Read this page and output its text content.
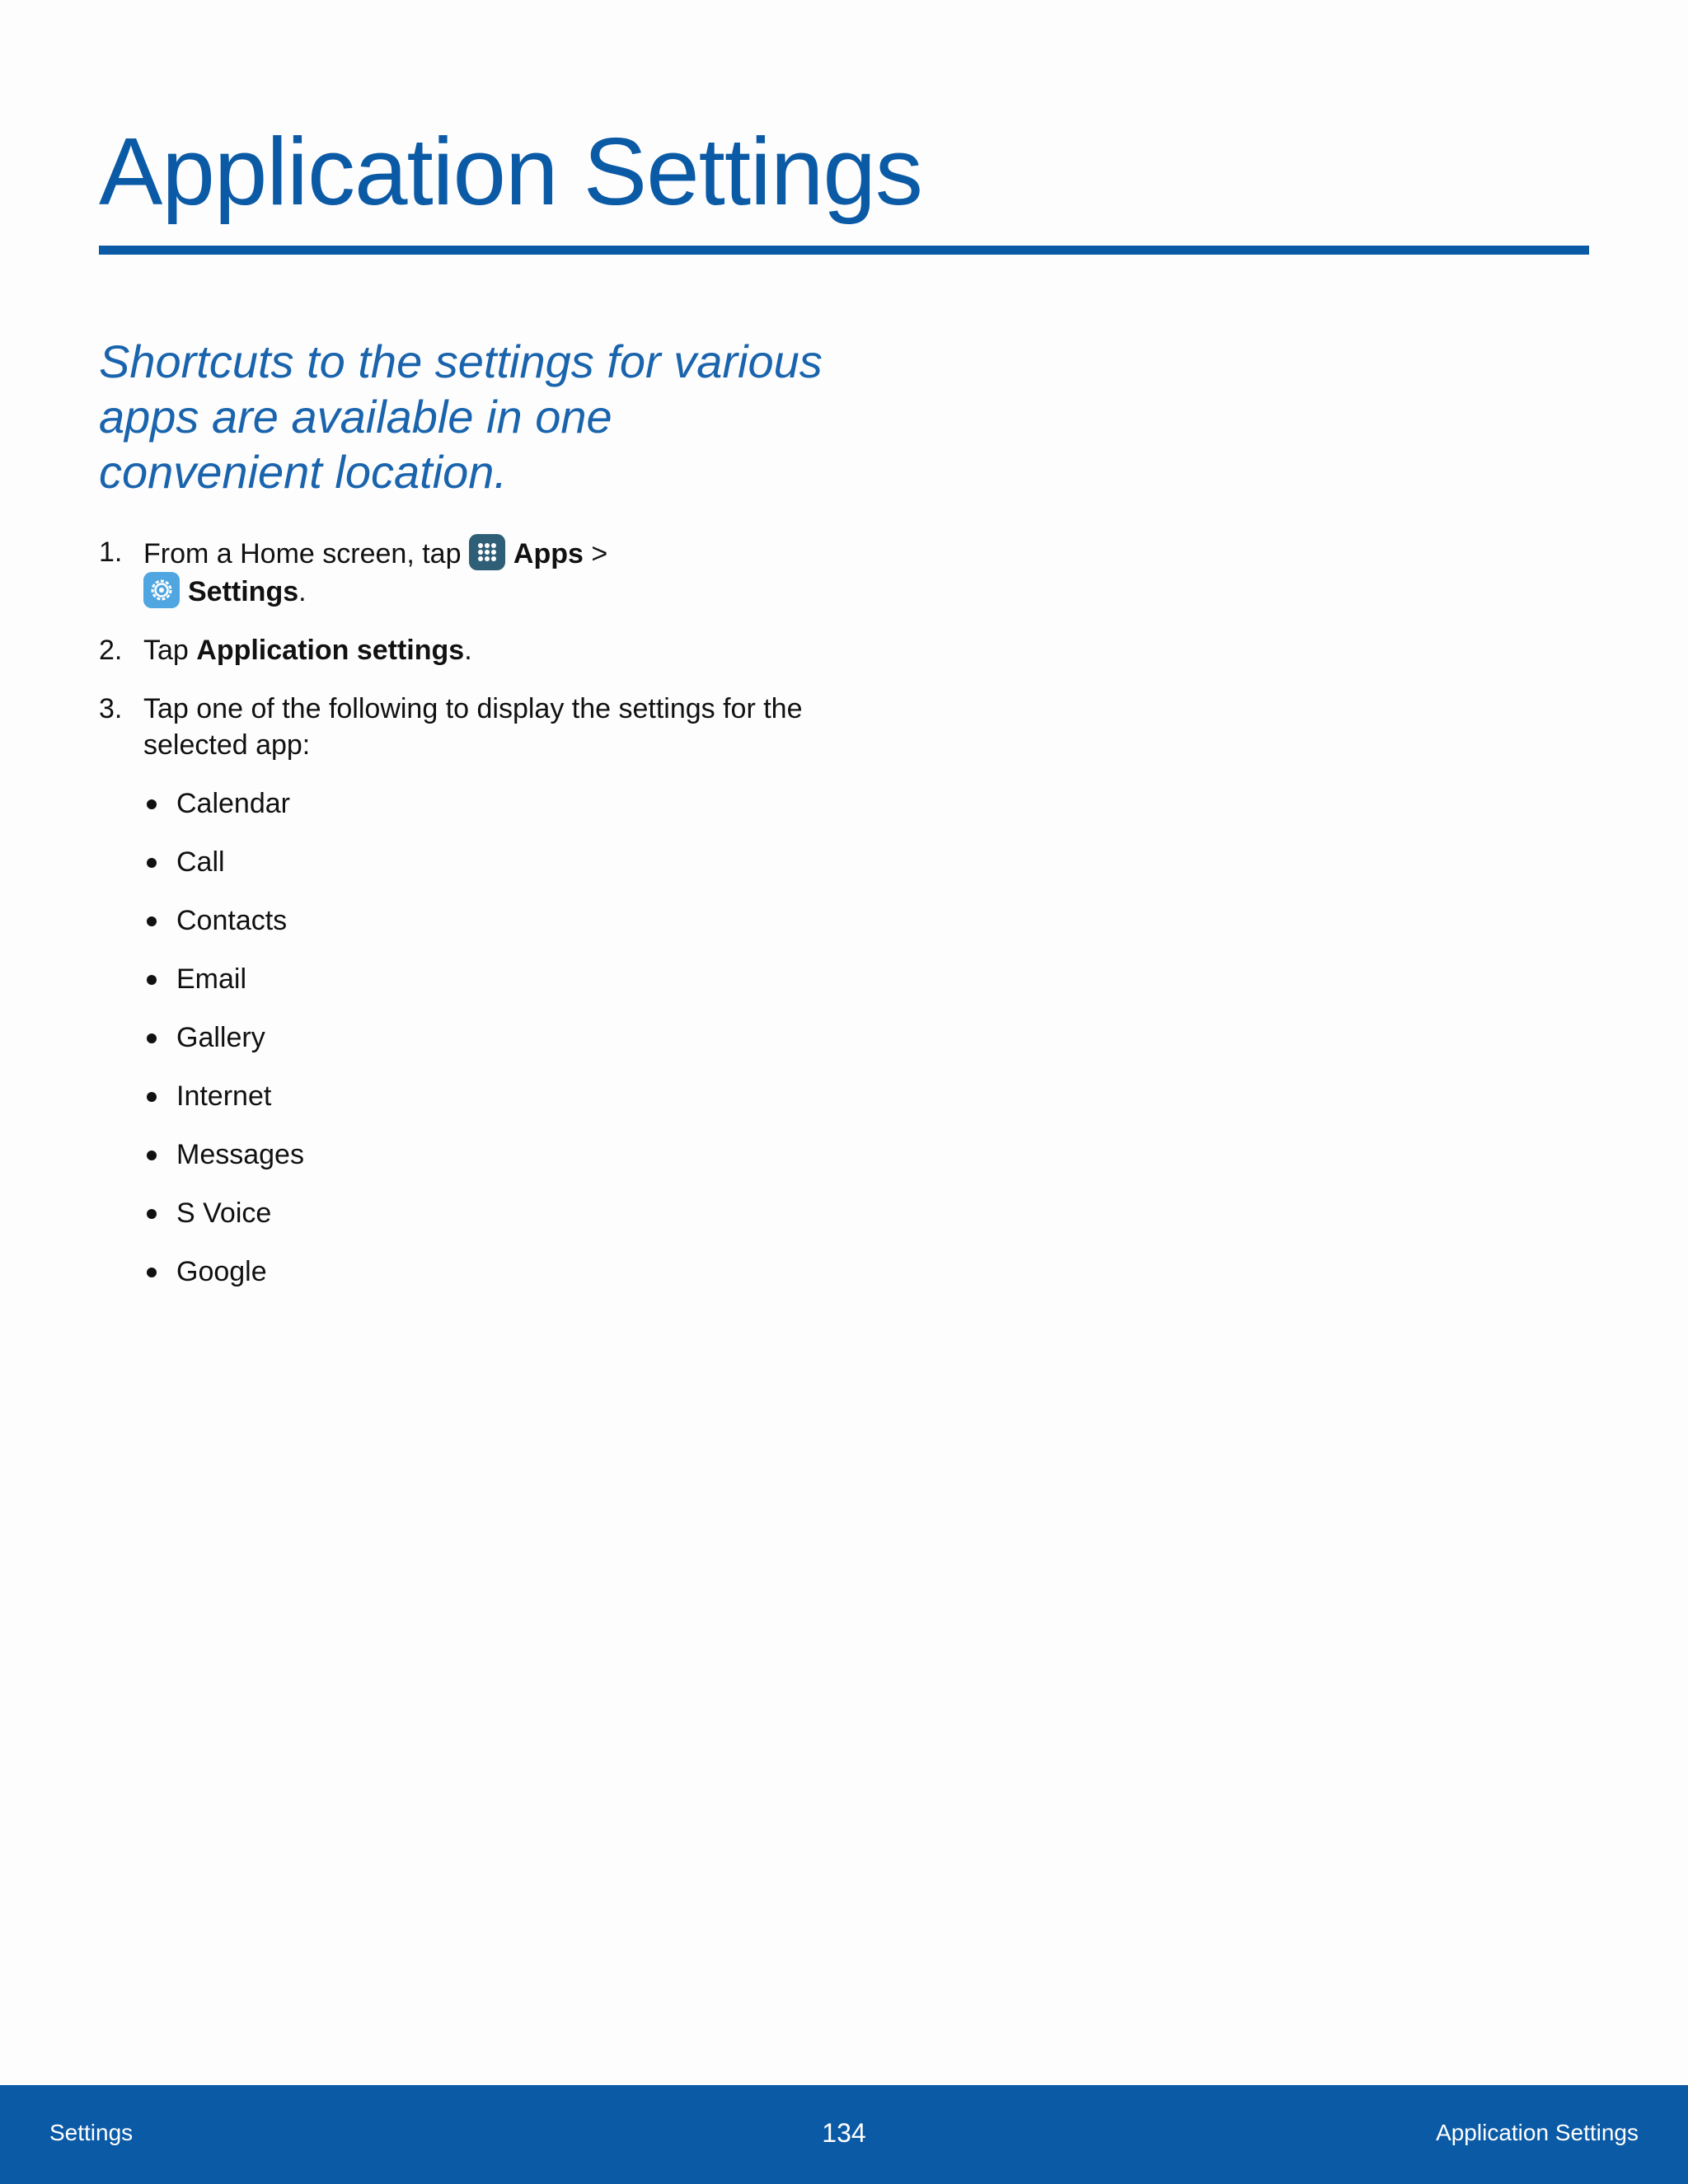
Application Settings

Shortcuts to the settings for various apps are available in one convenient location.

1. From a Home screen, tap
Apps >

Settings.
2. Tap Application settings.
3. Tap one of the following to display the settings for the selected app:
Calendar
Call
Contacts
Email
Gallery
Internet
Messages
S Voice
Google
Settings	134	Application Settings
